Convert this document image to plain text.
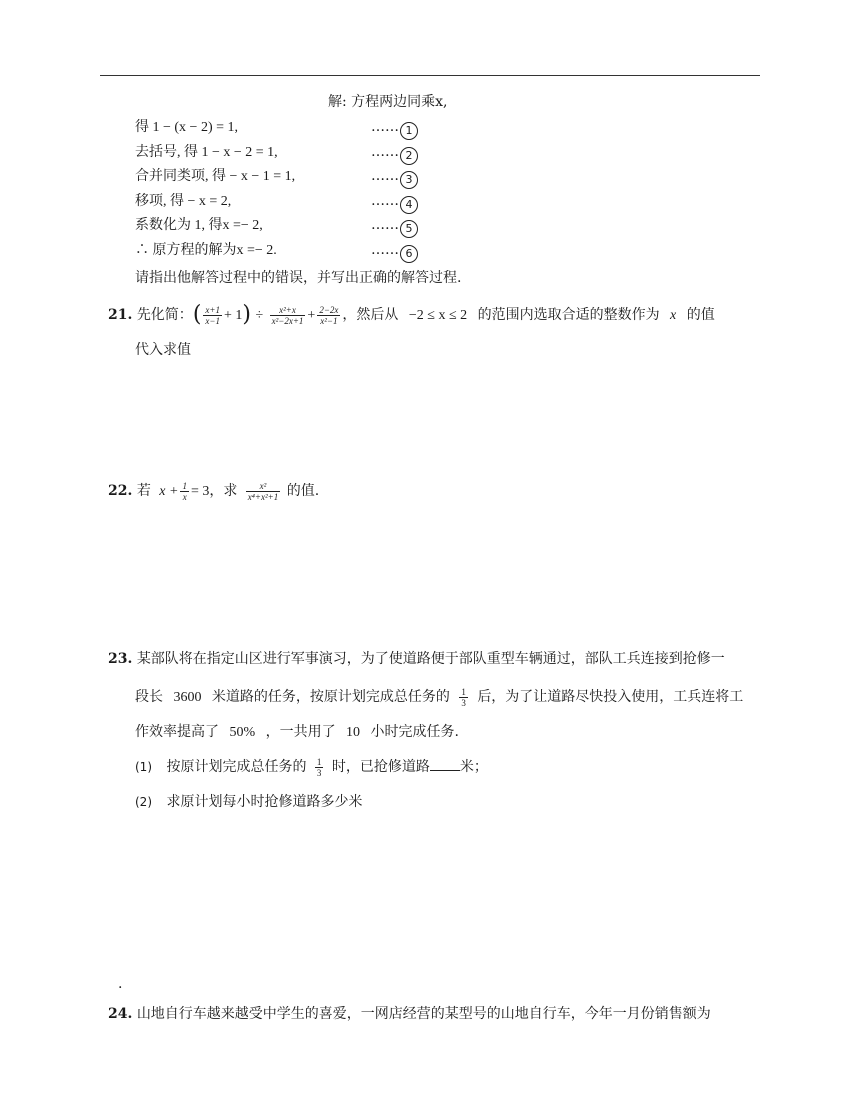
解: 方程两边同乘x,
得 1 − (x − 2) = 1,	…… 1
去括号, 得 1 − x − 2 = 1,	…… 2
合并同类项, 得 − x − 1 = 1,	…… 3
移项, 得 − x = 2,	…… 4
系数化为 1, 得x =− 2,	…… 5
∴ 原方程的解为x =− 2.	…… 6
请指出他解答过程中的错误，并写出正确的解答过程.
21. 先化简：( $\frac{x+1}{x-1} + 1) \div \frac{\text{x²+x}}{\text{x²−2x+1}} + \frac{2-2x}{\text{x²−1}}$ ，然后从 −2 ≤ x ≤ 2 的范围内选取合适的整数作为 x 的值
代入求值
22. 若 $x + \frac{1}{x} = 3$，求 $\frac{\text{x²}}{\text{x⁴+x²+1}}$ 的值.
23. 某部队将在指定山区进行军事演习，为了使道路便于部队重型车辆通过，部队工兵连接到抢修一
段长 3600 米道路的任务，按原计划完成总任务的 $\frac{1}{3}$ 后，为了让道路尽快投入使用，工兵连将工
作效率提高了 50% ，一共用了 10 小时完成任务.
(1) 按原计划完成总任务的 $\frac{1}{3}$ 时，已抢修道路 米；
(2) 求原计划每小时抢修道路多少米
.
24. 山地自行车越来越受中学生的喜爱，一网店经营的某型号的山地自行车，今年一月份销售额为
